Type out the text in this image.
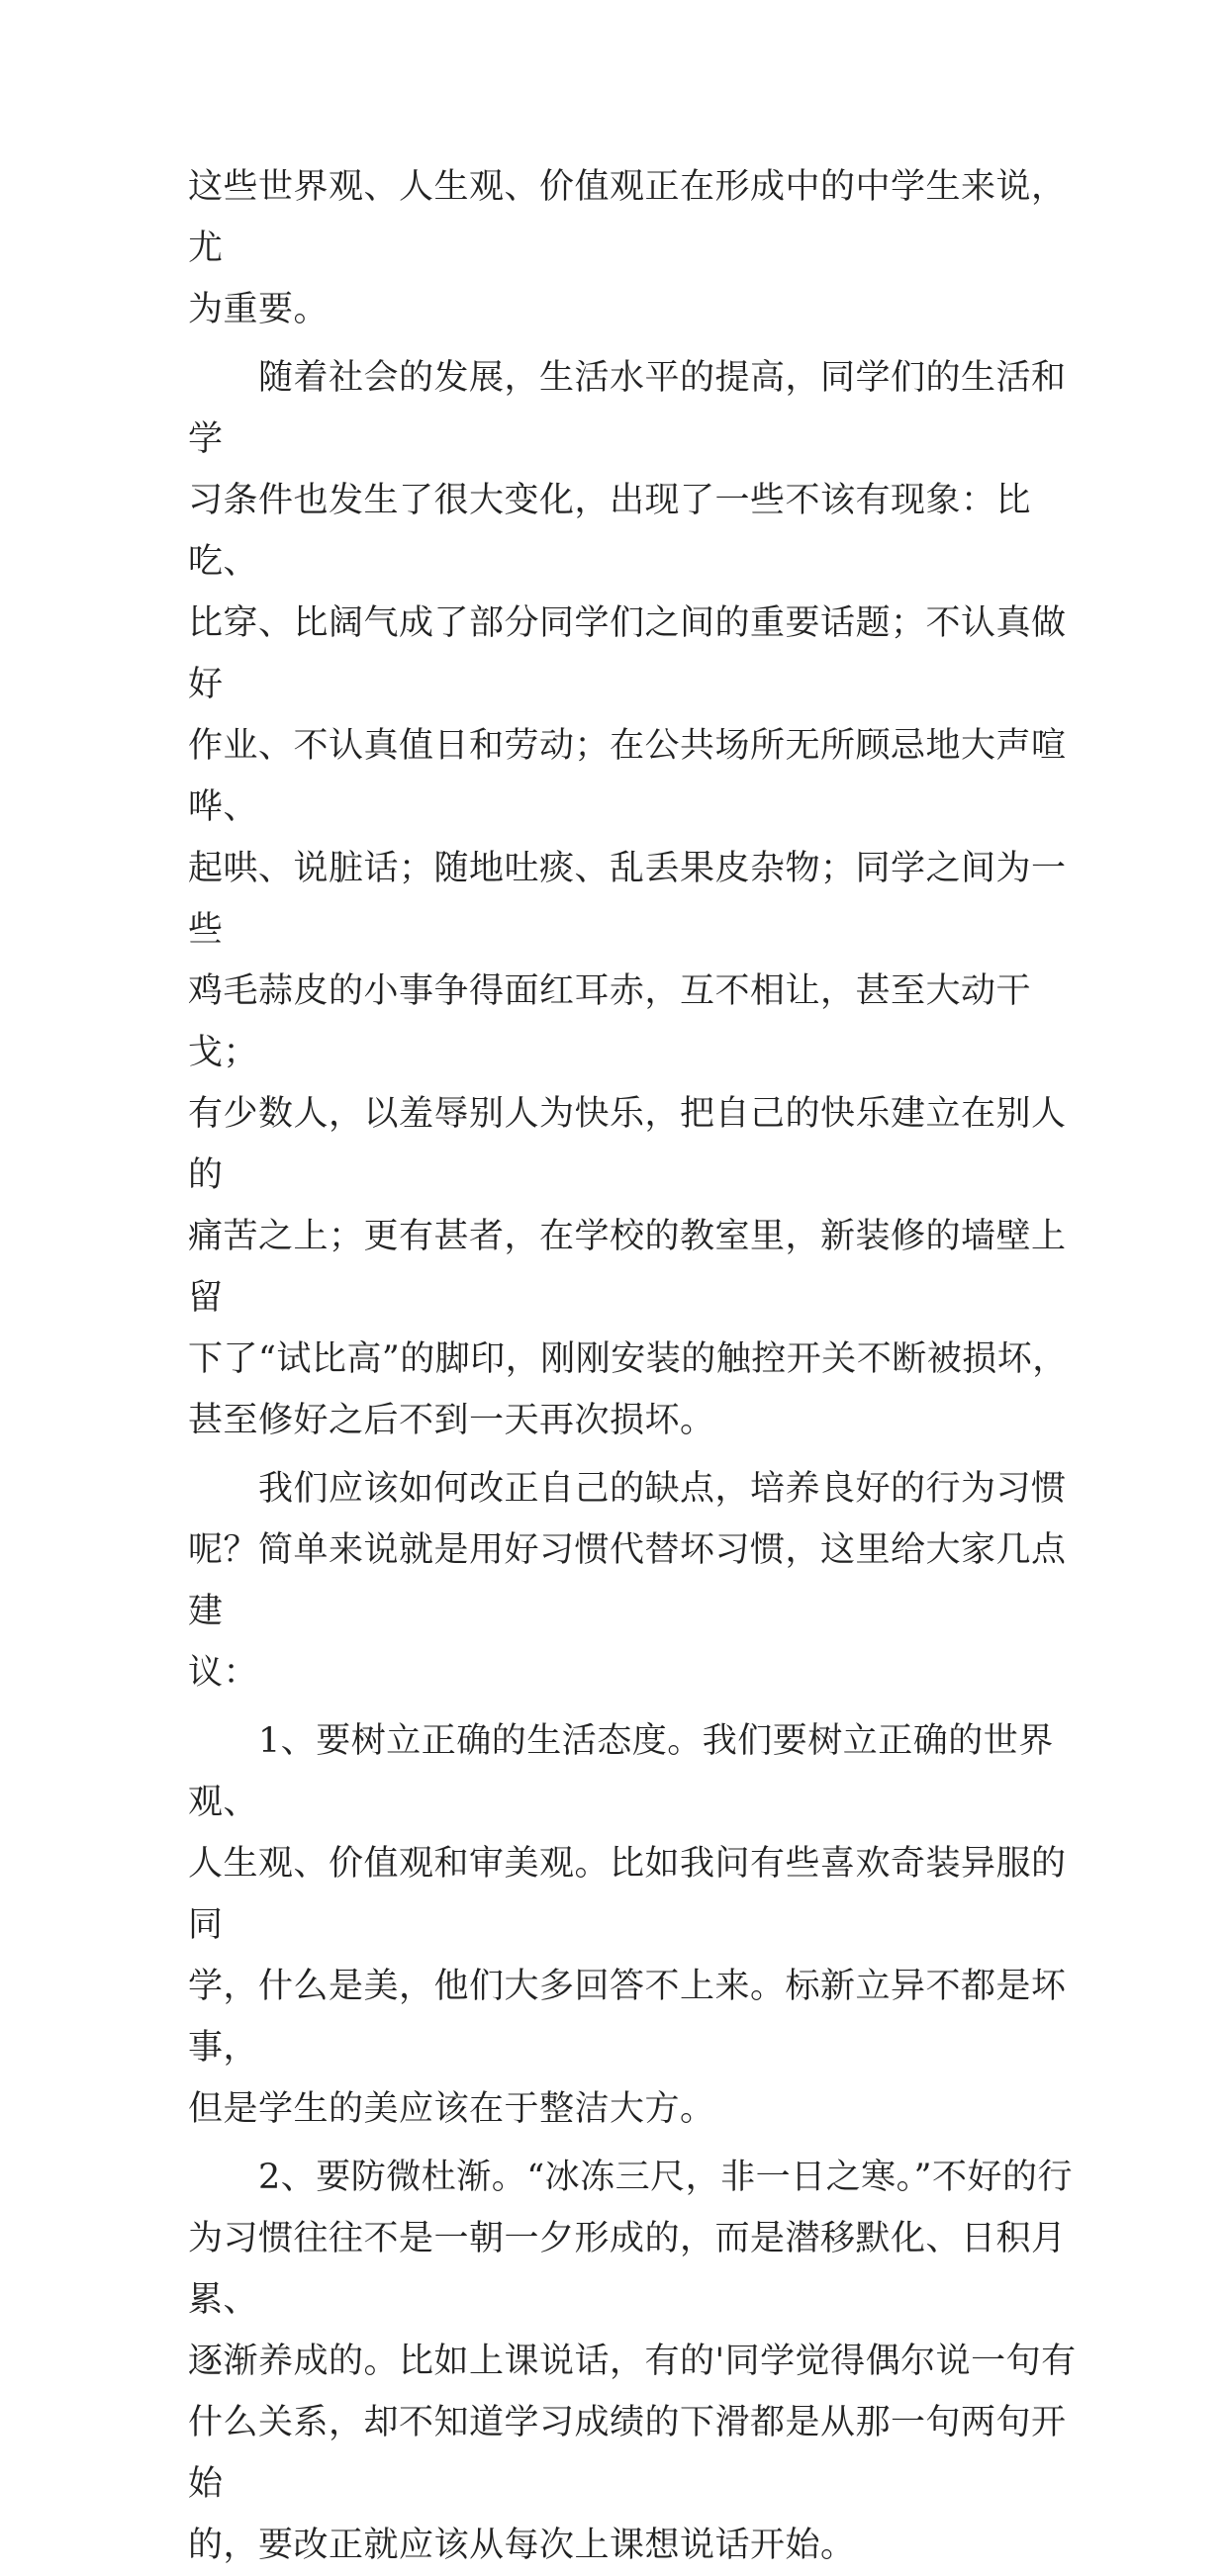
这些世界观、人生观、价值观正在形成中的中学生来说，尤
为重要。

　　随着社会的发展，生活水平的提高，同学们的生活和学
习条件也发生了很大变化，出现了一些不该有现象：比吃、
比穿、比阔气成了部分同学们之间的重要话题；不认真做好
作业、不认真值日和劳动；在公共场所无所顾忌地大声喧哗、
起哄、说脏话；随地吐痰、乱丢果皮杂物；同学之间为一些
鸡毛蒜皮的小事争得面红耳赤，互不相让，甚至大动干戈；
有少数人，以羞辱别人为快乐，把自己的快乐建立在别人的
痛苦之上；更有甚者，在学校的教室里，新装修的墙壁上留
下了“试比高”的脚印，刚刚安装的触控开关不断被损坏，
甚至修好之后不到一天再次损坏。

　　我们应该如何改正自己的缺点，培养良好的行为习惯
呢？简单来说就是用好习惯代替坏习惯，这里给大家几点建
议：

　　1、要树立正确的生活态度。我们要树立正确的世界观、
人生观、价值观和审美观。比如我问有些喜欢奇装异服的同
学，什么是美，他们大多回答不上来。标新立异不都是坏事，
但是学生的美应该在于整洁大方。

　　2、要防微杜渐。“冰冻三尺，非一日之寒。”不好的行
为习惯往往不是一朝一夕形成的，而是潜移默化、日积月累、
逐渐养成的。比如上课说话，有的'同学觉得偶尔说一句有
什么关系，却不知道学习成绩的下滑都是从那一句两句开始
的，要改正就应该从每次上课想说话开始。
